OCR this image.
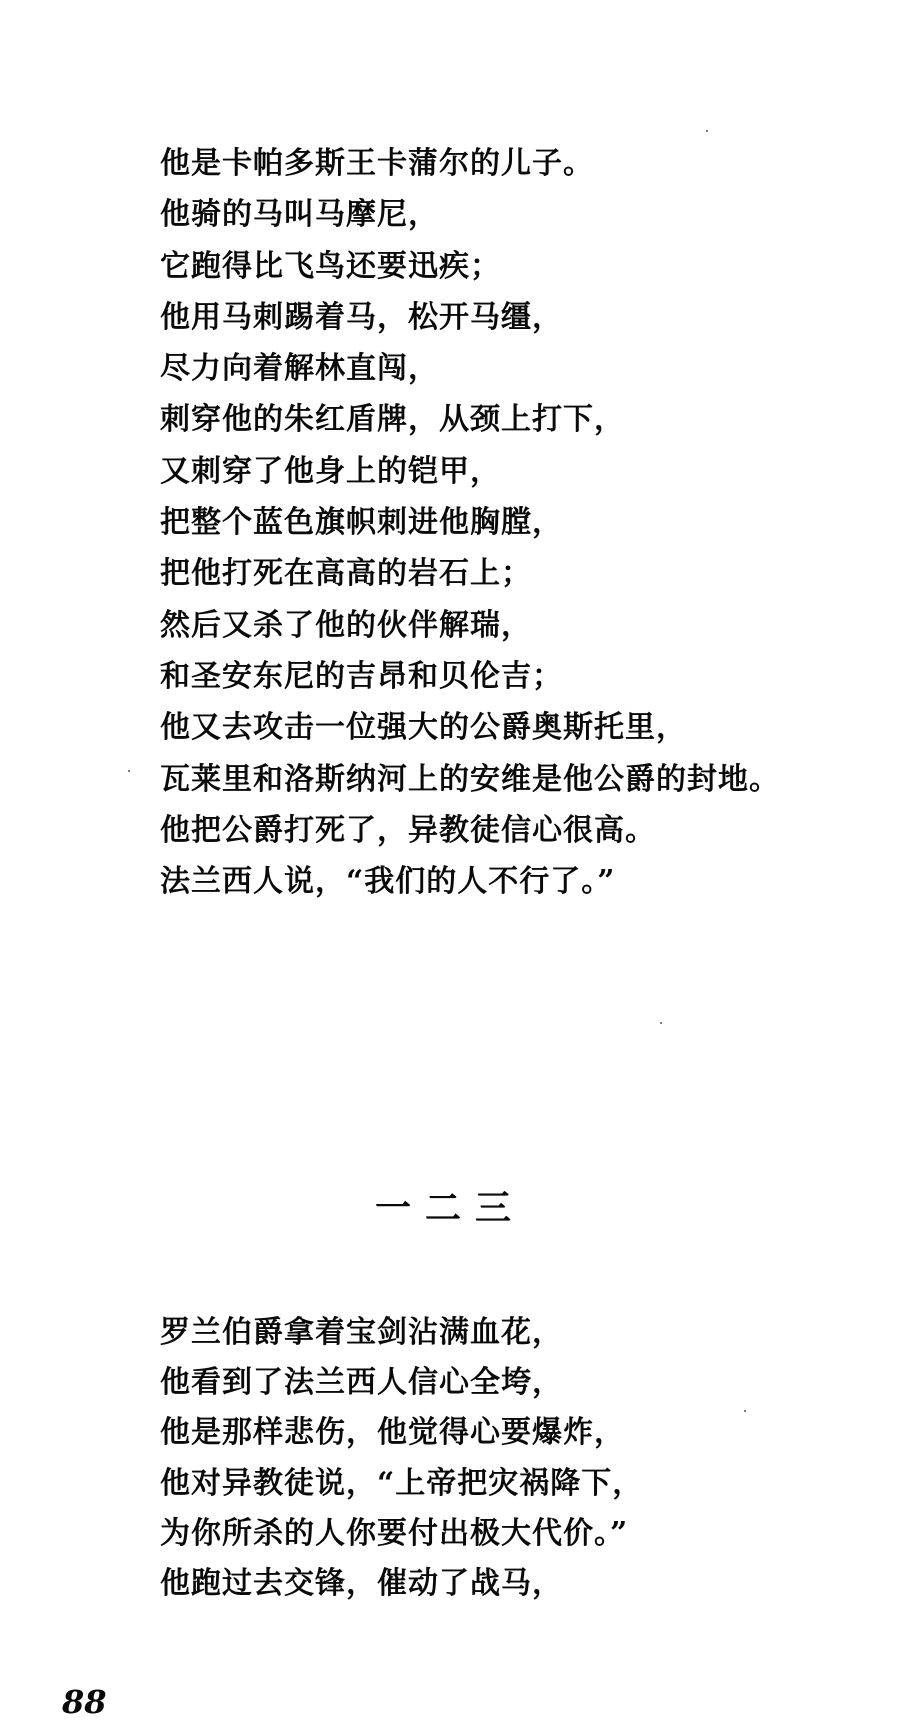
他是卡帕多斯王卡蒲尔的儿子。
他骑的马叫马摩尼，
它跑得比飞鸟还要迅疾；
他用马刺踢着马，松开马缰，
尽力向着解林直闯，
刺穿他的朱红盾牌，从颈上打下，
又刺穿了他身上的铠甲，
把整个蓝色旗帜刺进他胸膛，
把他打死在高高的岩石上；
然后又杀了他的伙伴解瑞，
和圣安东尼的吉昂和贝伦吉；
他又去攻击一位强大的公爵奥斯托里，
瓦莱里和洛斯纳河上的安维是他公爵的封地。
他把公爵打死了，异教徒信心很高。
法兰西人说，“我们的人不行了。”
一二三
罗兰伯爵拿着宝剑沾满血花，
他看到了法兰西人信心全垮，
他是那样悲伤，他觉得心要爆炸，
他对异教徒说，“上帝把灾祸降下，
为你所杀的人你要付出极大代价。”
他跑过去交锋，催动了战马，
88
